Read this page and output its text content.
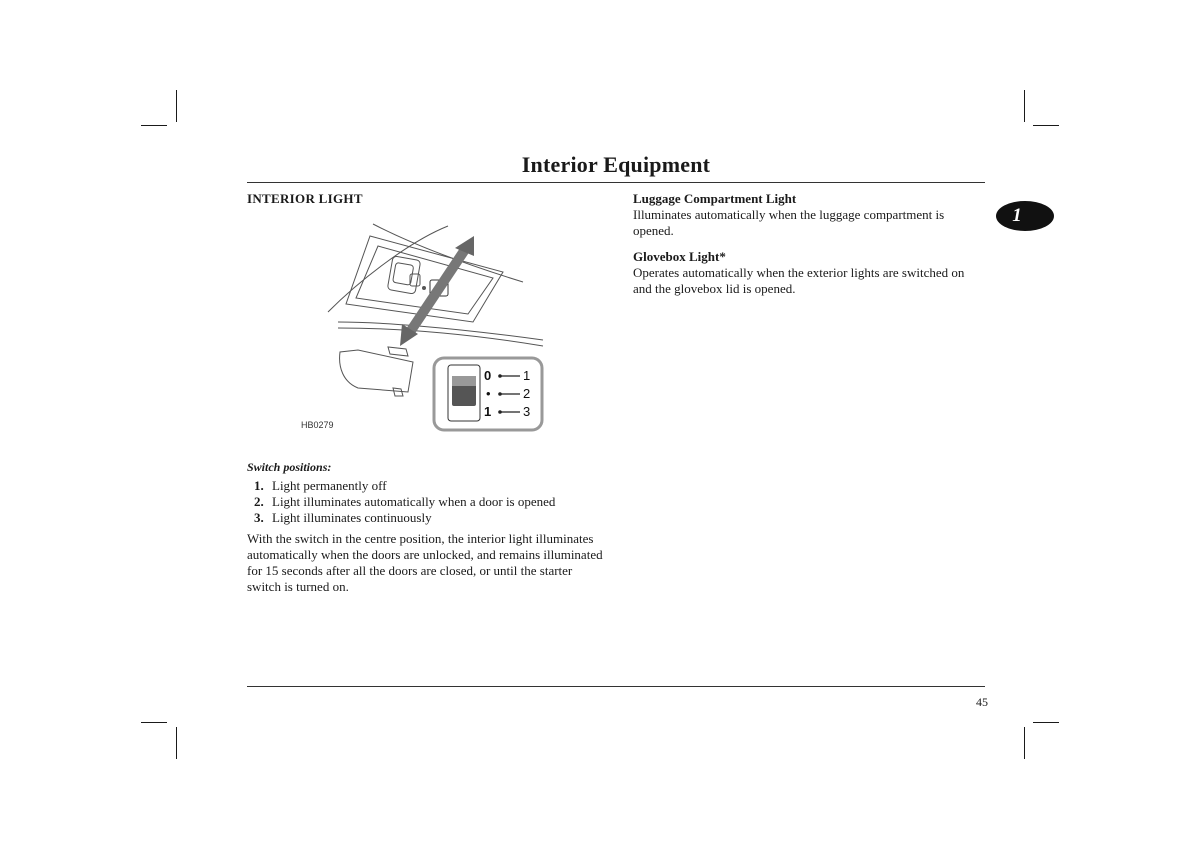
Interior Equipment
1

INTERIOR LIGHT

0
•
1
1
2
3
HB0279
Switch positions:
1. Light permanently off
2. Light illuminates automatically when a door is opened
3. Light illuminates continuously
With the switch in the centre position, the interior light illuminates automatically when the doors are unlocked, and remains illuminated for 15 seconds after all the doors are closed, or until the starter switch is turned on.

Luggage Compartment Light

Illuminates automatically when the luggage compartment is opened.

Glovebox Light*

Operates automatically when the exterior lights are switched on and the glovebox lid is opened.

45
